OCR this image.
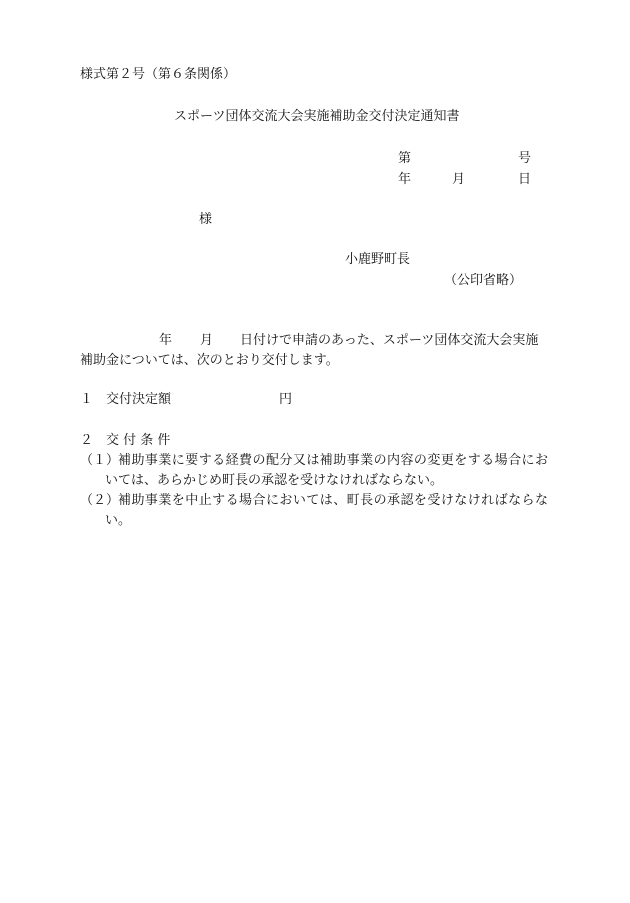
様式第２号（第６条関係）
スポーツ団体交流大会実施補助金交付決定通知書
第	号
年	月	日
様
小鹿野町長
（公印省略）
年 月 日付けで申請のあった、スポーツ団体交流大会実施
補助金については、次のとおり交付します。
１　交付決定額	円
２　交 付 条 件
（１）
補助事業に要する経費の配分又は補助事業の内容の変更をする場合にお
いては、あらかじめ町長の承認を受けなければならない。
（２）
補助事業を中止する場合においては、町長の承認を受けなければならな
い。
